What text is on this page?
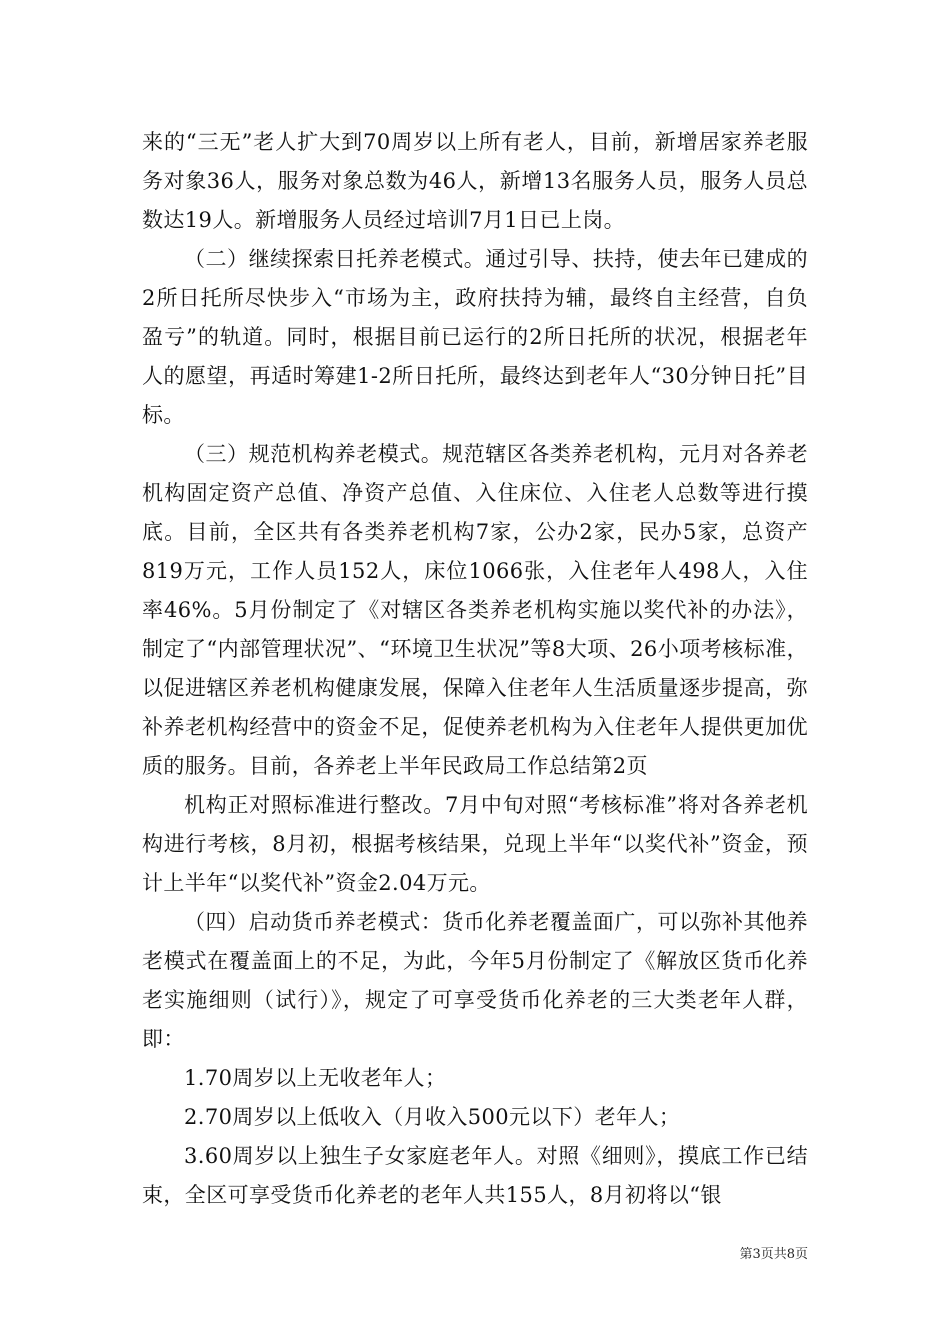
来的“三无”老人扩大到70周岁以上所有老人，目前，新增居家养老服务对象36人，服务对象总数为46人，新增13名服务人员，服务人员总数达19人。新增服务人员经过培训7月1日已上岗。

（二）继续探索日托养老模式。通过引导、扶持，使去年已建成的2所日托所尽快步入“市场为主，政府扶持为辅，最终自主经营，自负盈亏”的轨道。同时，根据目前已运行的2所日托所的状况，根据老年人的愿望，再适时筹建1-2所日托所，最终达到老年人“30分钟日托”目标。

（三）规范机构养老模式。规范辖区各类养老机构，元月对各养老机构固定资产总值、净资产总值、入住床位、入住老人总数等进行摸底。目前，全区共有各类养老机构7家，公办2家，民办5家，总资产819万元，工作人员152人，床位1066张，入住老年人498人，入住率46%。5月份制定了《对辖区各类养老机构实施以奖代补的办法》，制定了“内部管理状况”、“环境卫生状况”等8大项、26小项考核标准，以促进辖区养老机构健康发展，保障入住老年人生活质量逐步提高，弥补养老机构经营中的资金不足，促使养老机构为入住老年人提供更加优质的服务。目前，各养老上半年民政局工作总结第2页

机构正对照标准进行整改。7月中旬对照“考核标准”将对各养老机构进行考核，8月初，根据考核结果，兑现上半年“以奖代补”资金，预计上半年“以奖代补”资金2.04万元。

（四）启动货币养老模式：货币化养老覆盖面广，可以弥补其他养老模式在覆盖面上的不足，为此，今年5月份制定了《解放区货币化养老实施细则（试行）》，规定了可享受货币化养老的三大类老年人群，即：

1.70周岁以上无收老年人；

2.70周岁以上低收入（月收入500元以下）老年人；

3.60周岁以上独生子女家庭老年人。对照《细则》，摸底工作已结束，全区可享受货币化养老的老年人共155人，8月初将以“银

第3页共8页
